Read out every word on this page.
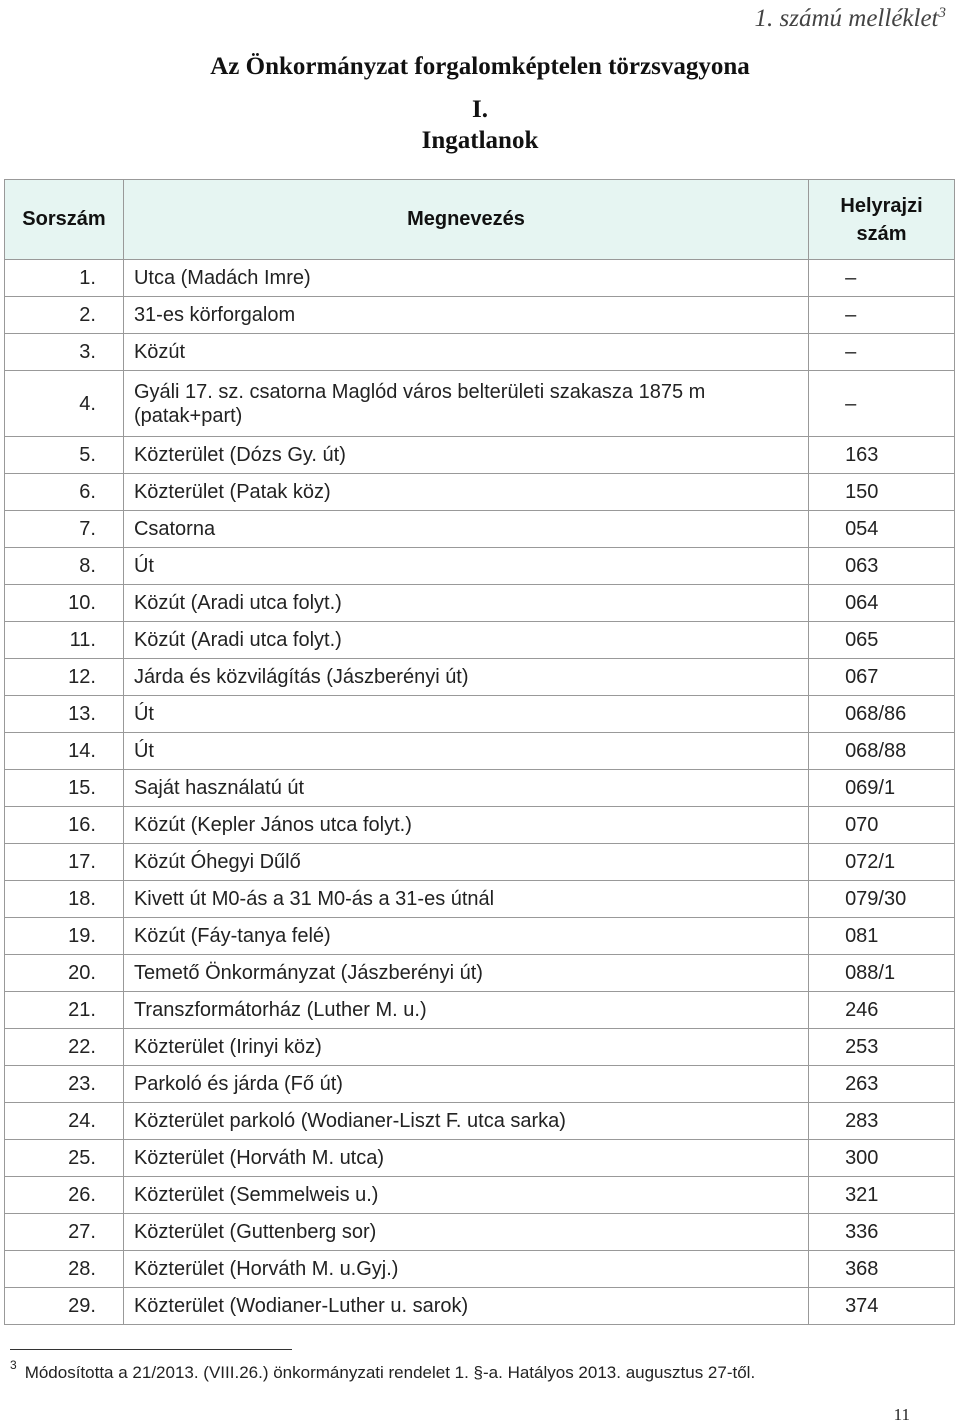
1. számú melléklet$^3$
Az Önkormányzat forgalomképtelen törzsvagyona
I.
Ingatlanok
Sorszám	Megnevezés	Helyrajzi
szám
1.	Utca (Madách Imre)	–
2.	31-es körforgalom	–
3.	Közút	–
4.	Gyáli 17. sz. csatorna Maglód város belterületi szakasza 1875 m
(patak+part)	–
5.	Közterület (Dózs Gy. út)	163
6.	Közterület (Patak köz)	150
7.	Csatorna	054
8.	Út	063
10.	Közút (Aradi utca folyt.)	064
11.	Közút (Aradi utca folyt.)	065
12.	Járda és közvilágítás (Jászberényi út)	067
13.	Út	068/86
14.	Út	068/88
15.	Saját használatú út	069/1
16.	Közút (Kepler János utca folyt.)	070
17.	Közút Óhegyi Dűlő	072/1
18.	Kivett út M0-ás a 31 M0-ás a 31-es útnál	079/30
19.	Közút (Fáy-tanya felé)	081
20.	Temető Önkormányzat (Jászberényi út)	088/1
21.	Transzformátorház (Luther M. u.)	246
22.	Közterület (Irinyi köz)	253
23.	Parkoló és járda (Fő út)	263
24.	Közterület parkoló (Wodianer-Liszt F. utca sarka)	283
25.	Közterület (Horváth M. utca)	300
26.	Közterület (Semmelweis u.)	321
27.	Közterület (Guttenberg sor)	336
28.	Közterület (Horváth M. u.Gyj.)	368
29.	Közterület (Wodianer-Luther u. sarok)	374
$^3$ Módosította a 21/2013. (VIII.26.) önkormányzati rendelet 1. §-a. Hatályos 2013. augusztus 27-től.
11
